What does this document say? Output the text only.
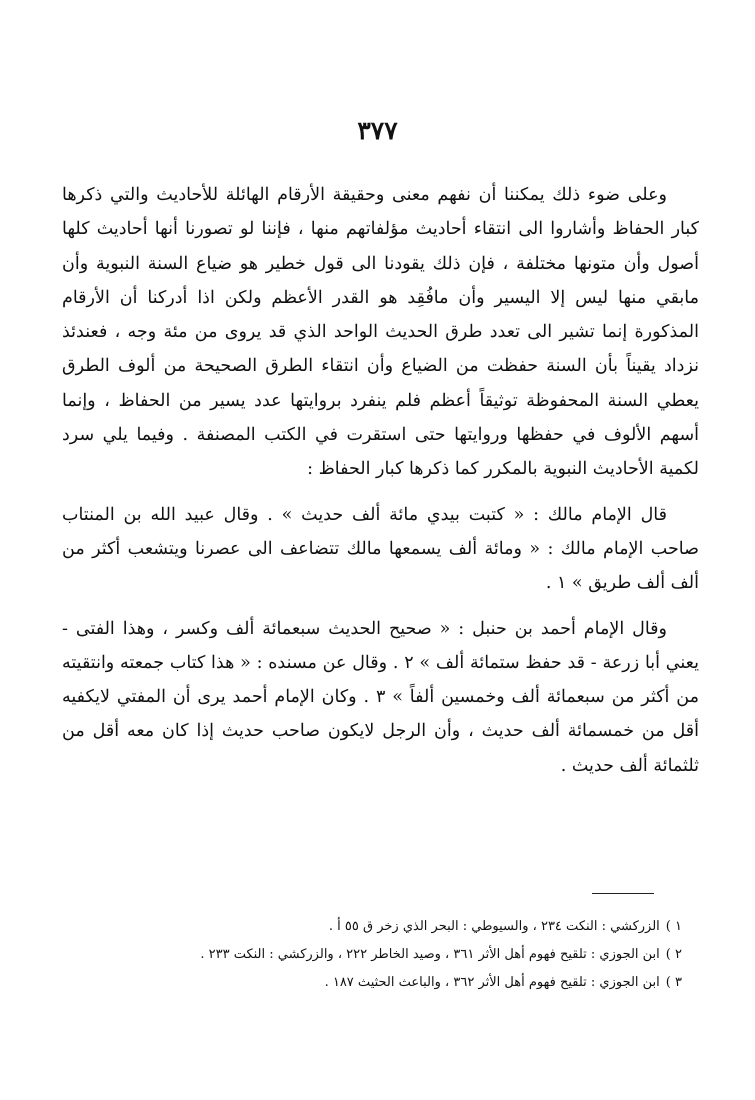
٣٧٧

وعلى ضوء ذلك يمكننا أن نفهم معنى وحقيقة الأرقام الهائلة للأحاديث والتي ذكرها كبار الحفاظ وأشاروا الى انتقاء أحاديث مؤلفاتهم منها ، فإننا لو تصورنا أنها أحاديث كلها أصول وأن متونها مختلفة ، فإن ذلك يقودنا الى قول خطير هو ضياع السنة النبوية وأن مابقي منها ليس إلا اليسير وأن مافُقِد هو القدر الأعظم ولكن اذا أدركنا أن الأرقام المذكورة إنما تشير الى تعدد طرق الحديث الواحد الذي قد يروى من مئة وجه ، فعندئذ نزداد يقيناً بأن السنة حفظت من الضياع وأن انتقاء الطرق الصحيحة من ألوف الطرق يعطي السنة المحفوظة توثيقاً أعظم فلم ينفرد بروايتها عدد يسير من الحفاظ ، وإنما أسهم الألوف في حفظها وروايتها حتى استقرت في الكتب المصنفة . وفيما يلي سرد لكمية الأحاديث النبوية بالمكرر كما ذكرها كبار الحفاظ :

قال الإمام مالك : « كتبت بيدي مائة ألف حديث » . وقال عبيد الله بن المنتاب صاحب الإمام مالك : « ومائة ألف يسمعها مالك تتضاعف الى عصرنا ويتشعب أكثر من ألف ألف طريق » ١ .

وقال الإمام أحمد بن حنبل : « صحيح الحديث سبعمائة ألف وكسر ، وهذا الفتى - يعني أبا زرعة - قد حفظ ستمائة ألف » ٢ . وقال عن مسنده : « هذا كتاب جمعته وانتقيته من أكثر من سبعمائة ألف وخمسين ألفاً » ٣ . وكان الإمام أحمد يرى أن المفتي لايكفيه أقل من خمسمائة ألف حديث ، وأن الرجل لايكون صاحب حديث إذا كان معه أقل من ثلثمائة ألف حديث .

١ )الزركشي : النكت ٢٣٤ ، والسيوطي : البحر الذي زخر ق ٥٥ أ .
٢ )ابن الجوزي : تلقيح فهوم أهل الأثر ٣٦١ ، وصيد الخاطر ٢٢٢ ، والزركشي : النكت ٢٣٣ .
٣ )ابن الجوزي : تلقيح فهوم أهل الأثر ٣٦٢ ، والباعث الحثيث ١٨٧ .
